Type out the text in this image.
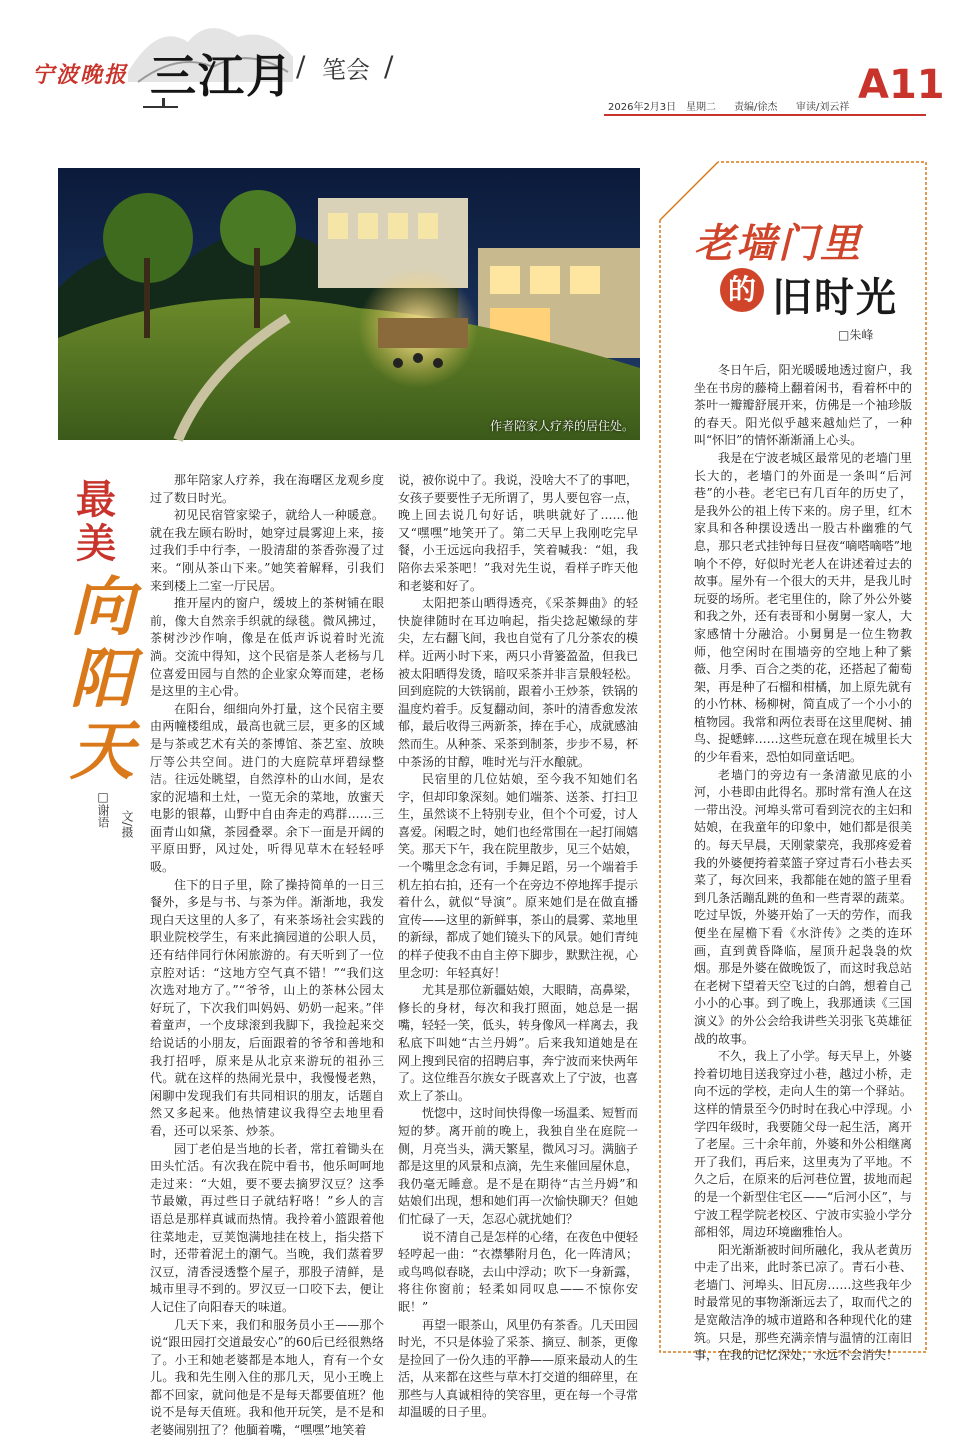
宁波晚报 三江月 / 笔会 /	A11
2026年2月3日 星期二 责编/徐杰 审读/刘云祥
作者陪家人疗养的居住处。
最美
向阳天
□谢语 文/摄

那年陪家人疗养，我在海曙区龙观乡度过了数日时光。

初见民宿管家梁子，就给人一种暖意。就在我左顾右盼时，她穿过晨雾迎上来，接过我们手中行李，一股清甜的茶香弥漫了过来。“刚从茶山下来。”她笑着解释，引我们来到楼上二室一厅民居。

推开屋内的窗户，缓坡上的茶树铺在眼前，像大自然亲手织就的绿毯。微风拂过，茶树沙沙作响，像是在低声诉说着时光流淌。交流中得知，这个民宿是茶人老杨与几位喜爱田园与自然的企业家众筹而建，老杨是这里的主心骨。

在阳台，细细向外打量，这个民宿主要由两幢楼组成，最高也就三层，更多的区域是与茶或艺术有关的茶博馆、茶艺室、放映厅等公共空间。进门的大庭院草坪碧绿整洁。往远处眺望，自然淳朴的山水间，是农家的泥墙和土灶，一览无余的菜地，放蜜天电影的银幕，山野中自由奔走的鸡群……三面青山如黛，茶园叠翠。余下一面是开阔的平原田野，风过处，听得见草木在轻轻呼吸。

住下的日子里，除了操持简单的一日三餐外，多是与书、与茶为伴。渐渐地，我发现白天这里的人多了，有来茶场社会实践的职业院校学生，有来此摘园道的公职人员，还有结伴同行休闲旅游的。有天听到了一位京腔对话：“这地方空气真不错！”“我们这次选对地方了。”“爷爷，山上的茶林公园太好玩了，下次我们叫妈妈、奶奶一起来。”伴着童声，一个皮球滚到我脚下，我捡起来交给说话的小朋友，后面跟着的爷爷和善地和我打招呼，原来是从北京来游玩的祖孙三代。就在这样的热闹光景中，我慢慢老熟，闲聊中发现我们有共同相识的朋友，话题自然又多起来。他热情建议我得空去地里看看，还可以采茶、炒茶。

园丁老伯是当地的长者，常扛着锄头在田头忙活。有次我在院中看书，他乐呵呵地走过来：“大姐，要不要去摘罗汉豆？这季节最嫩，再过些日子就结籽咯！”乡人的言语总是那样真诚而热情。我拎着小篮跟着他往菜地走，豆荚饱满地挂在枝上，指尖搭下时，还带着泥土的潮气。当晚，我们蒸着罗汉豆，清香浸透整个屋子，那股子清鲜，是城市里寻不到的。罗汉豆一口咬下去，便让人记住了向阳春天的味道。

几天下来，我们和服务员小王——那个说“跟田园打交道最安心”的60后已经很熟络了。小王和她老婆都是本地人，育有一个女儿。我和先生刚入住的那几天，见小王晚上都不回家，就问他是不是每天都要值班？他说不是每天值班。我和他开玩笑，是不是和老婆闹别扭了？他腼着嘴，“嘿嘿”地笑着

说，被你说中了。我说，没啥大不了的事吧，女孩子要要性子无所谓了，男人要包容一点，晚上回去说几句好话，哄哄就好了……他又“嘿嘿”地笑开了。第二天早上我刚吃完早餐，小王远远向我招手，笑着喊我：“姐，我陪你去采茶吧！”我对先生说，看样子昨天他和老婆和好了。

太阳把茶山晒得透亮，《采茶舞曲》的轻快旋律随时在耳边响起，指尖捻起嫩绿的芽尖，左右翻飞间，我也自觉有了几分茶农的模样。近两小时下来，两只小背篓盈盈，但我已被太阳晒得发烫，暗叹采茶并非言景般轻松。回到庭院的大铁锅前，跟着小王炒茶，铁锅的温度灼着手。反复翻动间，茶叶的清香愈发浓郁，最后收得三两新茶，捧在手心，成就感油然而生。从种茶、采茶到制茶，步步不易，杯中茶汤的甘醇，唯时光与汗水酿就。

民宿里的几位姑娘，至今我不知她们名字，但却印象深刻。她们端茶、送茶、打扫卫生，虽然谈不上特别专业，但个个可爱，讨人喜爱。闲暇之时，她们也经常围在一起打闹嬉笑。那天下午，我在院里散步，见三个姑娘，一个嘴里念念有词，手舞足蹈，另一个端着手机左拍右拍，还有一个在旁边不停地挥手提示着什么，就似“导演”。原来她们是在做直播宣传——这里的新鲜事，茶山的晨雾、菜地里的新绿，都成了她们镜头下的风景。她们青纯的样子使我不由自主停下脚步，默默注视，心里念叨：年轻真好！

尤其是那位新疆姑娘，大眼睛，高鼻梁，修长的身材，每次和我打照面，她总是一据嘴，轻轻一笑，低头，转身像风一样离去，我私底下叫她“古兰丹姆”。后来我知道她是在网上搜到民宿的招聘启事，奔宁波而来快两年了。这位维吾尔族女子既喜欢上了宁波，也喜欢上了茶山。

恍惚中，这时间快得像一场温柔、短暂而短的梦。离开前的晚上，我独自坐在庭院一侧，月亮当头，满天繁星，微风习习。满脑子都是这里的风景和点滴，先生来催回屋休息，我仍毫无睡意。是不是在期待“古兰丹姆”和姑娘们出现，想和她们再一次愉快聊天？但她们忙碌了一天，怎忍心就扰她们？

说不清自己是怎样的心绪，在夜色中便轻轻哼起一曲：“衣襟攀附月色，化一阵清风；或鸟鸣似春晓，去山中浮动；吹下一身新露，将往你窗前；轻柔如同叹息——不惊你安眠！”

再望一眼茶山，风里仍有茶香。几天田园时光，不只是体验了采茶、摘豆、制茶，更像是捡回了一份久违的平静——原来最动人的生活，从来都在这些与草木打交道的细碎里，在那些与人真诚相待的笑容里，更在每一个寻常却温暖的日子里。

老墙门里
的 旧时光
□朱峰

冬日午后，阳光暖暖地透过窗户，我坐在书房的藤椅上翻着闲书，看着杯中的茶叶一瓣瓣舒展开来，仿佛是一个袖珍版的春天。阳光似乎越来越灿烂了，一种叫“怀旧”的情怀渐渐涌上心头。

我是在宁波老城区最常见的老墙门里长大的，老墙门的外面是一条叫“后河巷”的小巷。老宅已有几百年的历史了，是我外公的祖上传下来的。房子里，红木家具和各种摆设透出一股古朴幽雅的气息，那只老式挂钟每日昼夜“嘀嗒嘀嗒”地响个不停，好似时光老人在讲述着过去的故事。屋外有一个很大的天井，是我儿时玩耍的场所。老宅里住的，除了外公外婆和我之外，还有表哥和小舅舅一家人，大家感情十分融洽。小舅舅是一位生物教师，他空闲时在围墙旁的空地上种了紫薇、月季、百合之类的花，还搭起了葡萄架，再是种了石榴和柑橘，加上原先就有的小竹林、杨柳树，简直成了一个小小的植物园。我常和两位表哥在这里爬树、捕鸟、捉蟋蟀……这些玩意在现在城里长大的少年看来，恐怕如同童话吧。

老墙门的旁边有一条清澈见底的小河，小巷即由此得名。那时常有渔人在这一带出没。河埠头常可看到浣衣的主妇和姑娘，在我童年的印象中，她们都是很美的。每天早晨，天刚蒙蒙亮，我那疼爱着我的外婆便挎着菜篮子穿过青石小巷去买菜了，每次回来，我都能在她的篮子里看到几条活蹦乱跳的鱼和一些青翠的蔬菜。吃过早饭，外婆开始了一天的劳作，而我便坐在屋檐下看《水浒传》之类的连环画，直到黄昏降临，屋顶升起袅袅的炊烟。那是外婆在做晚饭了，而这时我总站在老树下望着天空飞过的白鸽，想着自己小小的心事。到了晚上，我那通读《三国演义》的外公会给我讲些关羽张飞英雄征战的故事。

不久，我上了小学。每天早上，外婆拎着切地目送我穿过小巷，越过小桥，走向不远的学校，走向人生的第一个驿站。这样的情景至今仍时时在我心中浮现。小学四年级时，我要随父母一起生活，离开了老屋。三十余年前，外婆和外公相继离开了我们，再后来，这里夷为了平地。不久之后，在原来的后河巷位置，拔地而起的是一个新型住宅区——“后河小区”，与宁波工程学院老校区、宁波市实验小学分部相邻，周边环境幽雅怡人。

阳光渐渐被时间所融化，我从老黄历中走了出来，此时茶已凉了。青石小巷、老墙门、河埠头、旧瓦房……这些我年少时最常见的事物渐渐远去了，取而代之的是宽敞洁净的城市道路和各种现代化的建筑。只是，那些充满亲情与温情的江南旧事，在我的记忆深处，永远不会消失！
